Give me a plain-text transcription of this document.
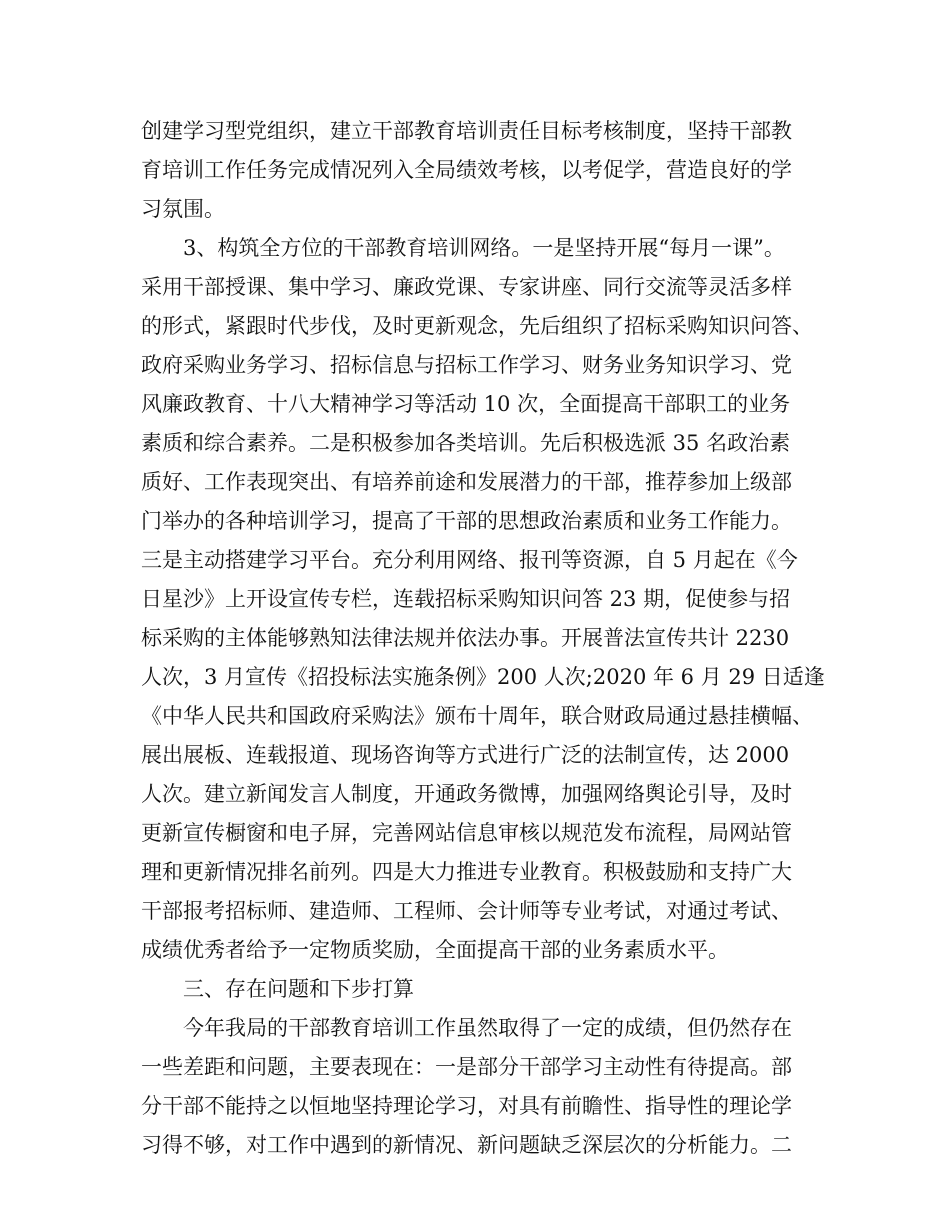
创建学习型党组织，建立干部教育培训责任目标考核制度，坚持干部教
育培训工作任务完成情况列入全局绩效考核，以考促学，营造良好的学
习氛围。
3、构筑全方位的干部教育培训网络。一是坚持开展“每月一课”。
采用干部授课、集中学习、廉政党课、专家讲座、同行交流等灵活多样
的形式，紧跟时代步伐，及时更新观念，先后组织了招标采购知识问答、
政府采购业务学习、招标信息与招标工作学习、财务业务知识学习、党
风廉政教育、十八大精神学习等活动 10 次，全面提高干部职工的业务
素质和综合素养。二是积极参加各类培训。先后积极选派 35 名政治素
质好、工作表现突出、有培养前途和发展潜力的干部，推荐参加上级部
门举办的各种培训学习，提高了干部的思想政治素质和业务工作能力。
三是主动搭建学习平台。充分利用网络、报刊等资源，自 5 月起在《今
日星沙》上开设宣传专栏，连载招标采购知识问答 23 期，促使参与招
标采购的主体能够熟知法律法规并依法办事。开展普法宣传共计 2230
人次，3 月宣传《招投标法实施条例》200 人次;2020 年 6 月 29 日适逢
《中华人民共和国政府采购法》颁布十周年，联合财政局通过悬挂横幅、
展出展板、连载报道、现场咨询等方式进行广泛的法制宣传，达 2000
人次。建立新闻发言人制度，开通政务微博，加强网络舆论引导，及时
更新宣传橱窗和电子屏，完善网站信息审核以规范发布流程，局网站管
理和更新情况排名前列。四是大力推进专业教育。积极鼓励和支持广大
干部报考招标师、建造师、工程师、会计师等专业考试，对通过考试、
成绩优秀者给予一定物质奖励，全面提高干部的业务素质水平。
三、存在问题和下步打算
今年我局的干部教育培训工作虽然取得了一定的成绩，但仍然存在
一些差距和问题，主要表现在：一是部分干部学习主动性有待提高。部
分干部不能持之以恒地坚持理论学习，对具有前瞻性、指导性的理论学
习得不够，对工作中遇到的新情况、新问题缺乏深层次的分析能力。二
